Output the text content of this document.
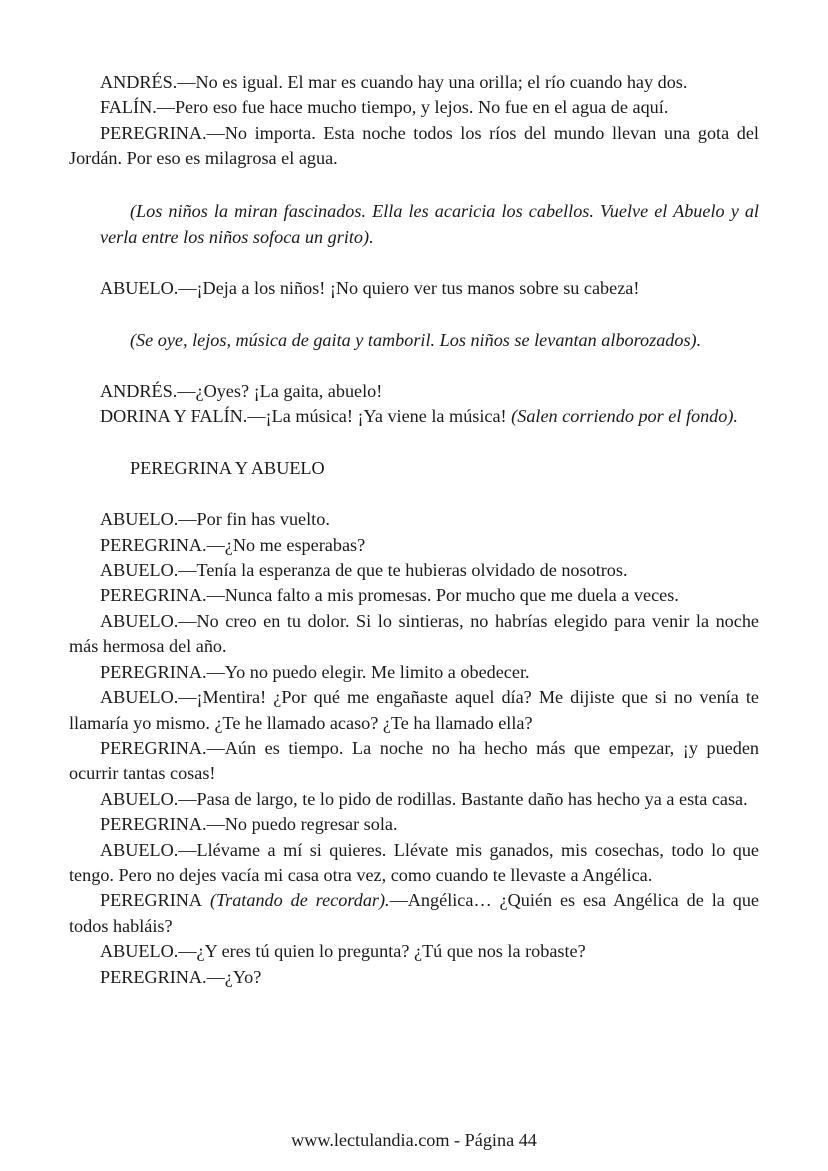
ANDRÉS.—No es igual. El mar es cuando hay una orilla; el río cuando hay dos.

FALÍN.—Pero eso fue hace mucho tiempo, y lejos. No fue en el agua de aquí.

PEREGRINA.—No importa. Esta noche todos los ríos del mundo llevan una gota del Jordán. Por eso es milagrosa el agua.

(Los niños la miran fascinados. Ella les acaricia los cabellos. Vuelve el Abuelo y al verla entre los niños sofoca un grito).

ABUELO.—¡Deja a los niños! ¡No quiero ver tus manos sobre su cabeza!

(Se oye, lejos, música de gaita y tamboril. Los niños se levantan alborozados).

ANDRÉS.—¿Oyes? ¡La gaita, abuelo!

DORINA Y FALÍN.—¡La música! ¡Ya viene la música! (Salen corriendo por el fondo).

PEREGRINA Y ABUELO

ABUELO.—Por fin has vuelto.

PEREGRINA.—¿No me esperabas?

ABUELO.—Tenía la esperanza de que te hubieras olvidado de nosotros.

PEREGRINA.—Nunca falto a mis promesas. Por mucho que me duela a veces.

ABUELO.—No creo en tu dolor. Si lo sintieras, no habrías elegido para venir la noche más hermosa del año.

PEREGRINA.—Yo no puedo elegir. Me limito a obedecer.

ABUELO.—¡Mentira! ¿Por qué me engañaste aquel día? Me dijiste que si no venía te llamaría yo mismo. ¿Te he llamado acaso? ¿Te ha llamado ella?

PEREGRINA.—Aún es tiempo. La noche no ha hecho más que empezar, ¡y pueden ocurrir tantas cosas!

ABUELO.—Pasa de largo, te lo pido de rodillas. Bastante daño has hecho ya a esta casa.

PEREGRINA.—No puedo regresar sola.

ABUELO.—Llévame a mí si quieres. Llévate mis ganados, mis cosechas, todo lo que tengo. Pero no dejes vacía mi casa otra vez, como cuando te llevaste a Angélica.

PEREGRINA (Tratando de recordar).—Angélica… ¿Quién es esa Angélica de la que todos habláis?

ABUELO.—¿Y eres tú quien lo pregunta? ¿Tú que nos la robaste?

PEREGRINA.—¿Yo?

www.lectulandia.com - Página 44
